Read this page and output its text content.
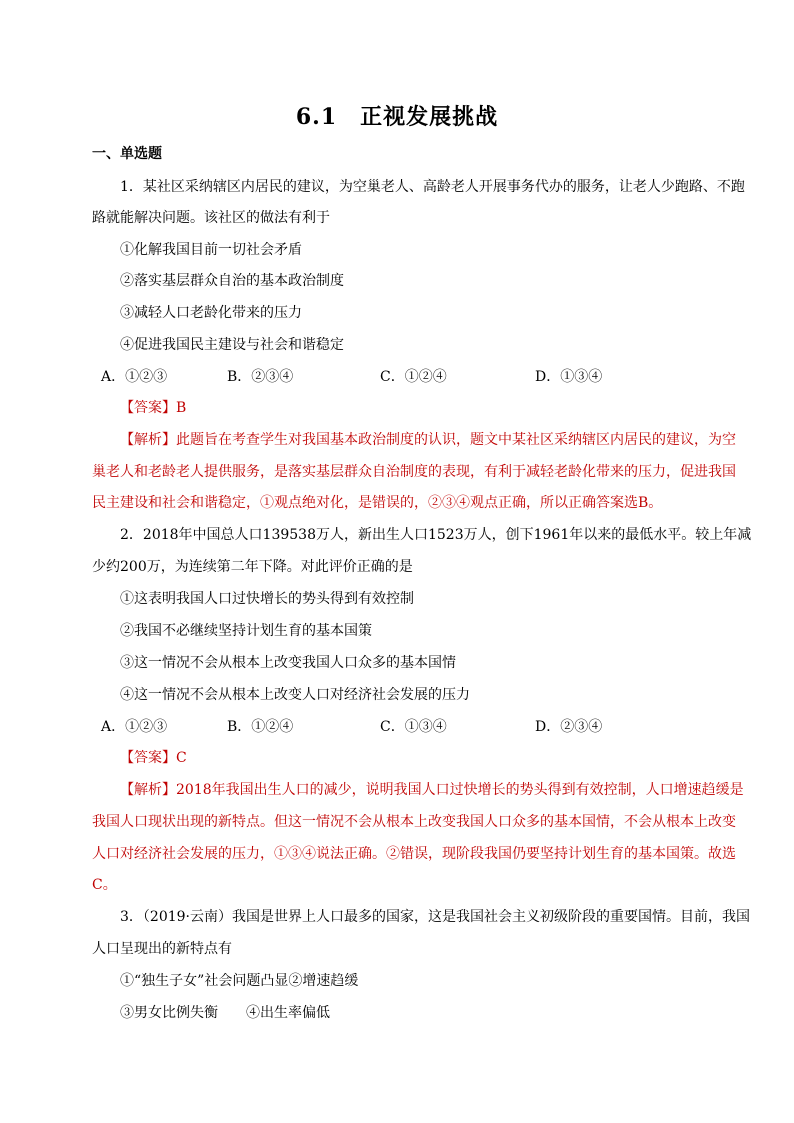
6.1　正视发展挑战
一、单选题
1．某社区采纳辖区内居民的建议，为空巢老人、高龄老人开展事务代办的服务，让老人少跑路、不跑
路就能解决问题。该社区的做法有利于
①化解我国目前一切社会矛盾
②落实基层群众自治的基本政治制度
③减轻人口老龄化带来的压力
④促进我国民主建设与社会和谐稳定
A．①②③	B．②③④	C．①②④	D．①③④
【答案】B
【解析】此题旨在考查学生对我国基本政治制度的认识，题文中某社区采纳辖区内居民的建议，为空
巢老人和老龄老人提供服务，是落实基层群众自治制度的表现，有利于减轻老龄化带来的压力，促进我国
民主建设和社会和谐稳定，①观点绝对化，是错误的，②③④观点正确，所以正确答案选B。
2．2018年中国总人口139538万人，新出生人口1523万人，创下1961年以来的最低水平。较上年减
少约200万，为连续第二年下降。对此评价正确的是
①这表明我国人口过快增长的势头得到有效控制
②我国不必继续坚持计划生育的基本国策
③这一情况不会从根本上改变我国人口众多的基本国情
④这一情况不会从根本上改变人口对经济社会发展的压力
A．①②③	B．①②④	C．①③④	D．②③④
【答案】C
【解析】2018年我国出生人口的减少，说明我国人口过快增长的势头得到有效控制，人口增速趋缓是
我国人口现状出现的新特点。但这一情况不会从根本上改变我国人口众多的基本国情，不会从根本上改变
人口对经济社会发展的压力，①③④说法正确。②错误，现阶段我国仍要坚持计划生育的基本国策。故选
C。
3．（2019·云南）我国是世界上人口最多的国家，这是我国社会主义初级阶段的重要国情。目前，我国
人口呈现出的新特点有
①“独生子女”社会问题凸显②增速趋缓
③男女比例失衡　　④出生率偏低
